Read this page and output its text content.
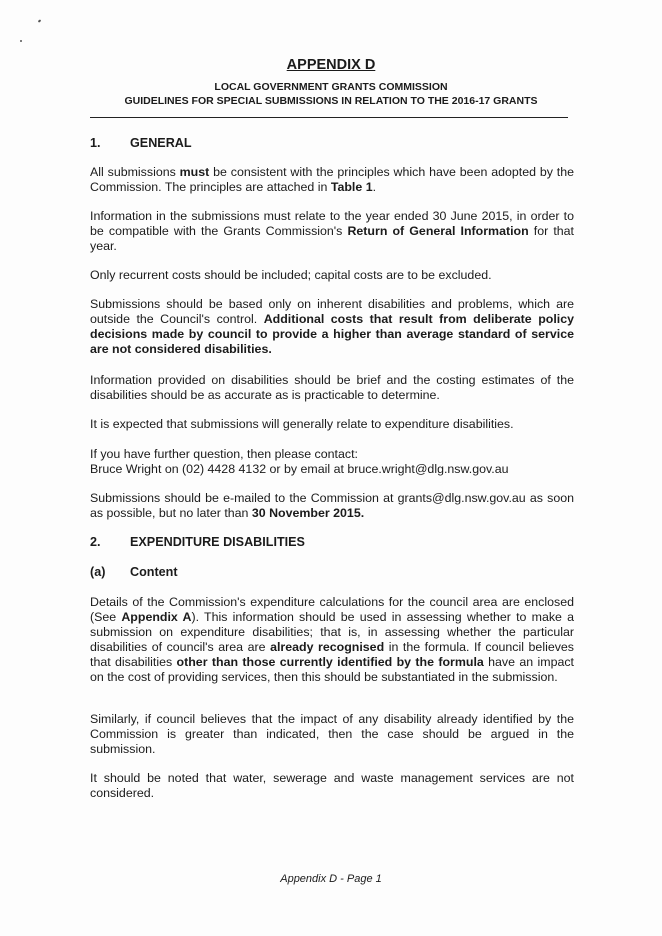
APPENDIX D
LOCAL GOVERNMENT GRANTS COMMISSION
GUIDELINES FOR SPECIAL SUBMISSIONS IN RELATION TO THE 2016-17 GRANTS
1. GENERAL
All submissions must be consistent with the principles which have been adopted by the Commission. The principles are attached in Table 1.
Information in the submissions must relate to the year ended 30 June 2015, in order to be compatible with the Grants Commission's Return of General Information for that year.
Only recurrent costs should be included; capital costs are to be excluded.
Submissions should be based only on inherent disabilities and problems, which are outside the Council's control. Additional costs that result from deliberate policy decisions made by council to provide a higher than average standard of service are not considered disabilities.
Information provided on disabilities should be brief and the costing estimates of the disabilities should be as accurate as is practicable to determine.
It is expected that submissions will generally relate to expenditure disabilities.
If you have further question, then please contact:
Bruce Wright on (02) 4428 4132 or by email at bruce.wright@dlg.nsw.gov.au
Submissions should be e-mailed to the Commission at grants@dlg.nsw.gov.au as soon as possible, but no later than 30 November 2015.
2. EXPENDITURE DISABILITIES
(a) Content
Details of the Commission's expenditure calculations for the council area are enclosed (See Appendix A). This information should be used in assessing whether to make a submission on expenditure disabilities; that is, in assessing whether the particular disabilities of council's area are already recognised in the formula. If council believes that disabilities other than those currently identified by the formula have an impact on the cost of providing services, then this should be substantiated in the submission.
Similarly, if council believes that the impact of any disability already identified by the Commission is greater than indicated, then the case should be argued in the submission.
It should be noted that water, sewerage and waste management services are not considered.
Appendix D - Page 1
